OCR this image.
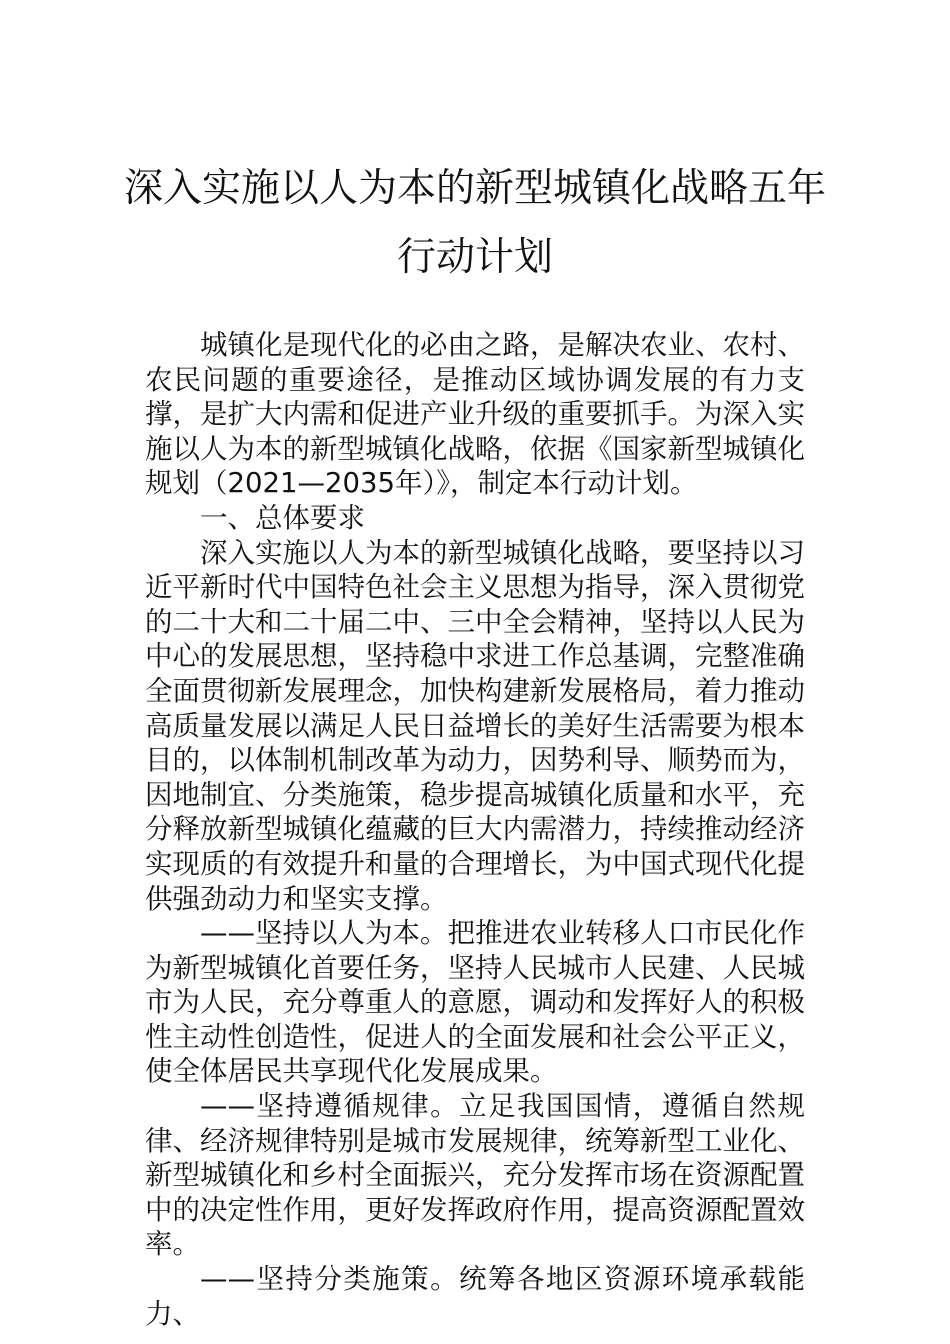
深入实施以人为本的新型城镇化战略五年
行动计划

城镇化是现代化的必由之路，是解决农业、农村、农民问题的重要途径，是推动区域协调发展的有力支撑，是扩大内需和促进产业升级的重要抓手。为深入实施以人为本的新型城镇化战略，依据《国家新型城镇化规划（2021—2035年）》，制定本行动计划。

一、总体要求

深入实施以人为本的新型城镇化战略，要坚持以习近平新时代中国特色社会主义思想为指导，深入贯彻党的二十大和二十届二中、三中全会精神，坚持以人民为中心的发展思想，坚持稳中求进工作总基调，完整准确全面贯彻新发展理念，加快构建新发展格局，着力推动高质量发展以满足人民日益增长的美好生活需要为根本目的，以体制机制改革为动力，因势利导、顺势而为，因地制宜、分类施策，稳步提高城镇化质量和水平，充分释放新型城镇化蕴藏的巨大内需潜力，持续推动经济实现质的有效提升和量的合理增长，为中国式现代化提供强劲动力和坚实支撑。

——坚持以人为本。把推进农业转移人口市民化作为新型城镇化首要任务，坚持人民城市人民建、人民城市为人民，充分尊重人的意愿，调动和发挥好人的积极性主动性创造性，促进人的全面发展和社会公平正义，使全体居民共享现代化发展成果。

——坚持遵循规律。立足我国国情，遵循自然规律、经济规律特别是城市发展规律，统筹新型工业化、新型城镇化和乡村全面振兴，充分发挥市场在资源配置中的决定性作用，更好发挥政府作用，提高资源配置效率。

——坚持分类施策。统筹各地区资源环境承载能力、
